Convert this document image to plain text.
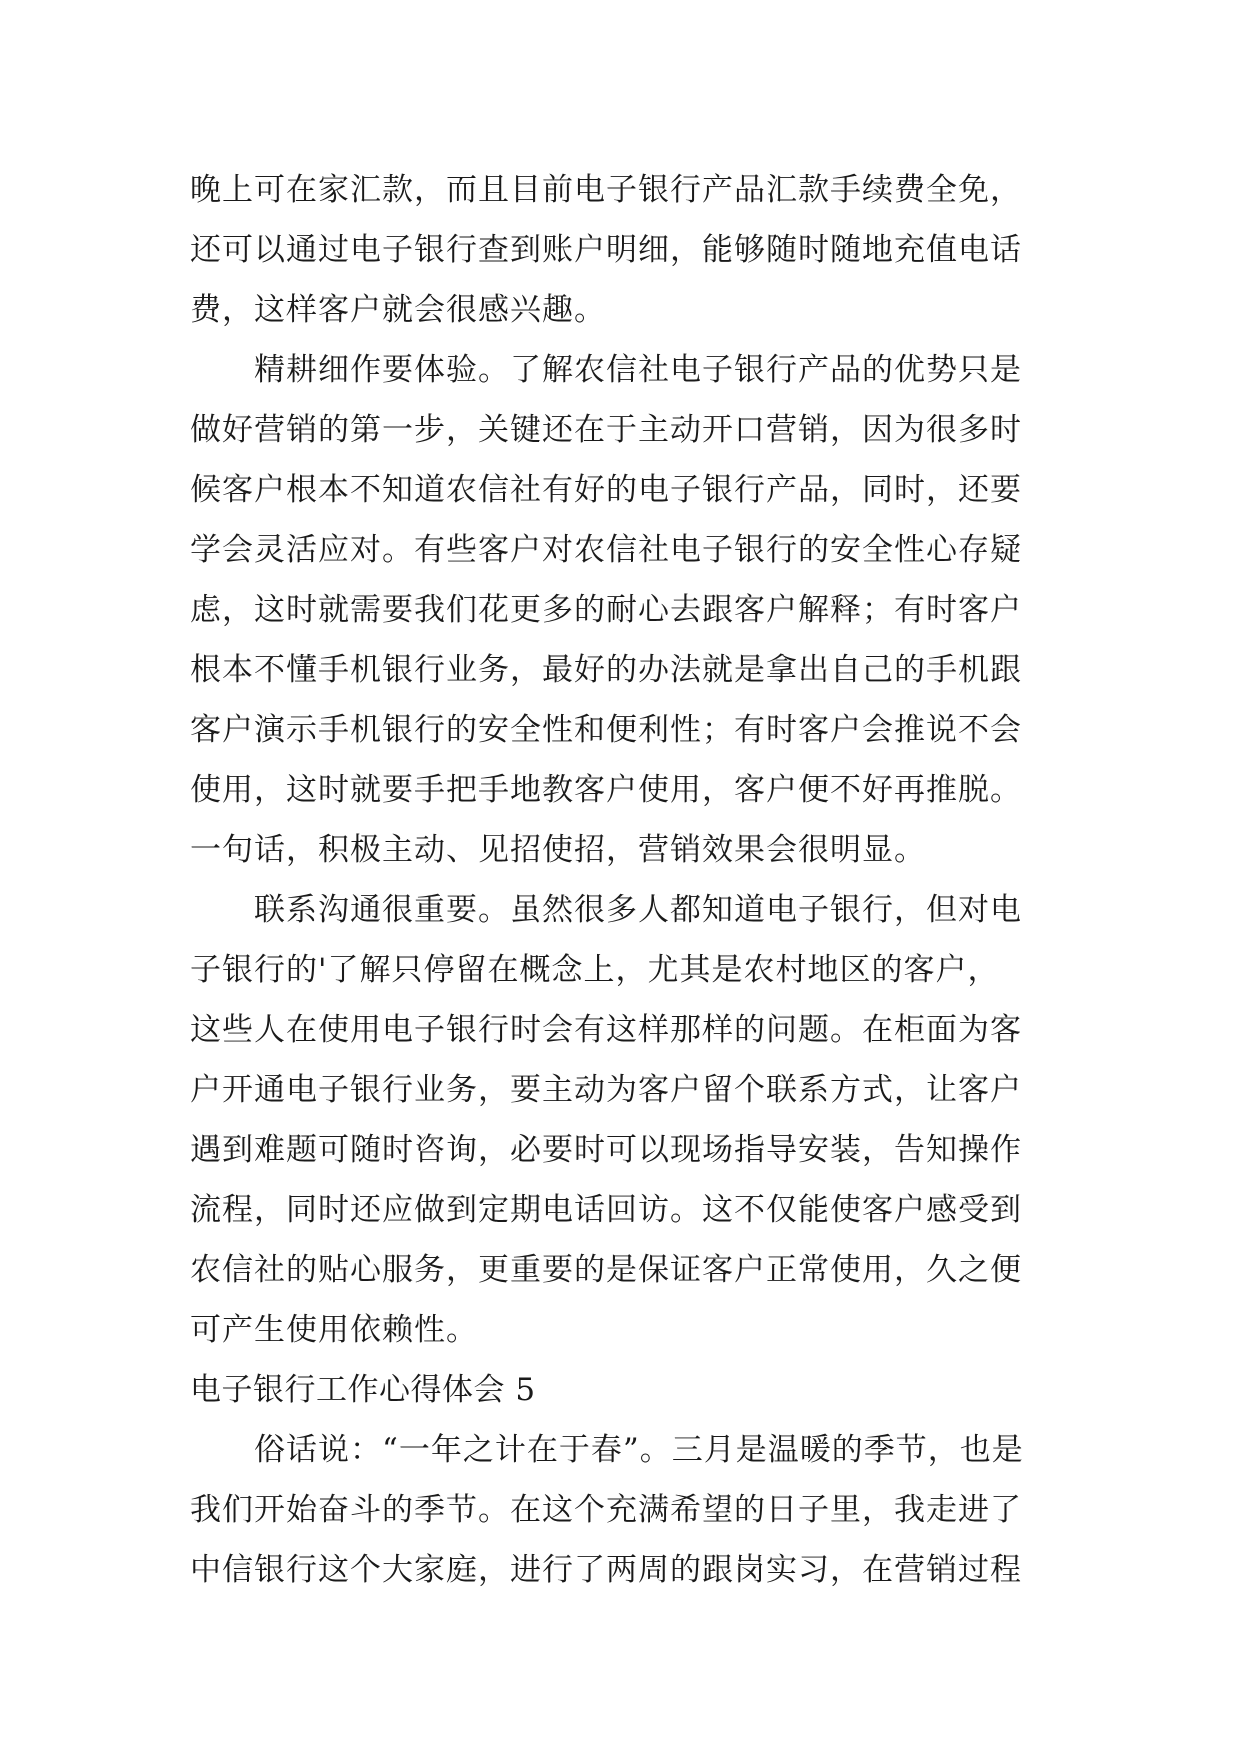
晚上可在家汇款，而且目前电子银行产品汇款手续费全免，
还可以通过电子银行查到账户明细，能够随时随地充值电话
费，这样客户就会很感兴趣。
精耕细作要体验。了解农信社电子银行产品的优势只是
做好营销的第一步，关键还在于主动开口营销，因为很多时
候客户根本不知道农信社有好的电子银行产品，同时，还要
学会灵活应对。有些客户对农信社电子银行的安全性心存疑
虑，这时就需要我们花更多的耐心去跟客户解释；有时客户
根本不懂手机银行业务，最好的办法就是拿出自己的手机跟
客户演示手机银行的安全性和便利性；有时客户会推说不会
使用，这时就要手把手地教客户使用，客户便不好再推脱。
一句话，积极主动、见招使招，营销效果会很明显。
联系沟通很重要。虽然很多人都知道电子银行，但对电
子银行的'了解只停留在概念上，尤其是农村地区的客户，
这些人在使用电子银行时会有这样那样的问题。在柜面为客
户开通电子银行业务，要主动为客户留个联系方式，让客户
遇到难题可随时咨询，必要时可以现场指导安装，告知操作
流程，同时还应做到定期电话回访。这不仅能使客户感受到
农信社的贴心服务，更重要的是保证客户正常使用，久之便
可产生使用依赖性。
电子银行工作心得体会 5
俗话说：“一年之计在于春”。三月是温暖的季节，也是
我们开始奋斗的季节。在这个充满希望的日子里，我走进了
中信银行这个大家庭，进行了两周的跟岗实习，在营销过程
